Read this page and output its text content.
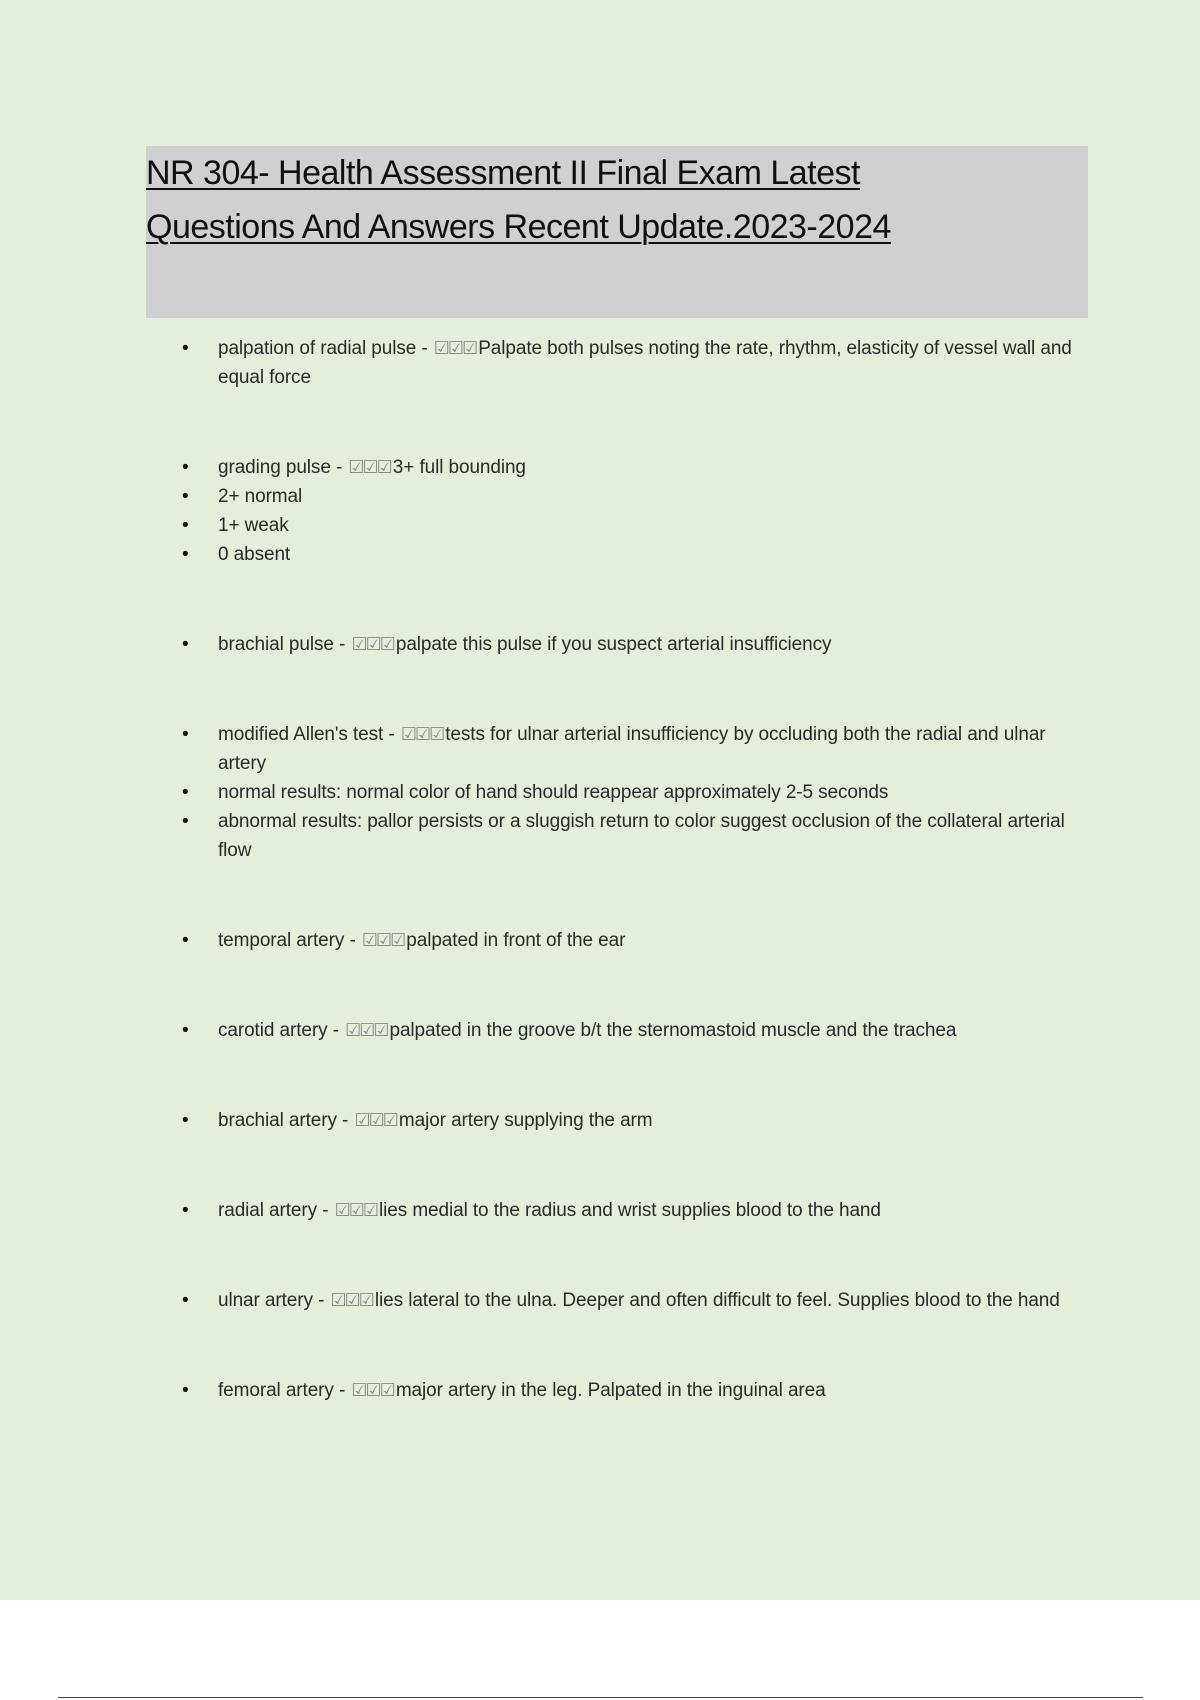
NR 304- Health Assessment II Final Exam Latest
Questions And Answers Recent Update.2023-2024
• palpation of radial pulse - ☑☑☑ Palpate both pulses noting the rate, rhythm, elasticity of vessel wall and equal force
• grading pulse - ☑☑☑ 3+ full bounding
• 2+ normal
• 1+ weak
• 0 absent
• brachial pulse - ☑☑☑ palpate this pulse if you suspect arterial insufficiency
• modified Allen's test - ☑☑☑ tests for ulnar arterial insufficiency by occluding both the radial and ulnar artery
• normal results: normal color of hand should reappear approximately 2-5 seconds
• abnormal results: pallor persists or a sluggish return to color suggest occlusion of the collateral arterial flow
• temporal artery - ☑☑☑ palpated in front of the ear
• carotid artery - ☑☑☑ palpated in the groove b/t the sternomastoid muscle and the trachea
• brachial artery - ☑☑☑ major artery supplying the arm
• radial artery - ☑☑☑ lies medial to the radius and wrist supplies blood to the hand
• ulnar artery - ☑☑☑ lies lateral to the ulna. Deeper and often difficult to feel. Supplies blood to the hand
• femoral artery - ☑☑☑ major artery in the leg. Palpated in the inguinal area
